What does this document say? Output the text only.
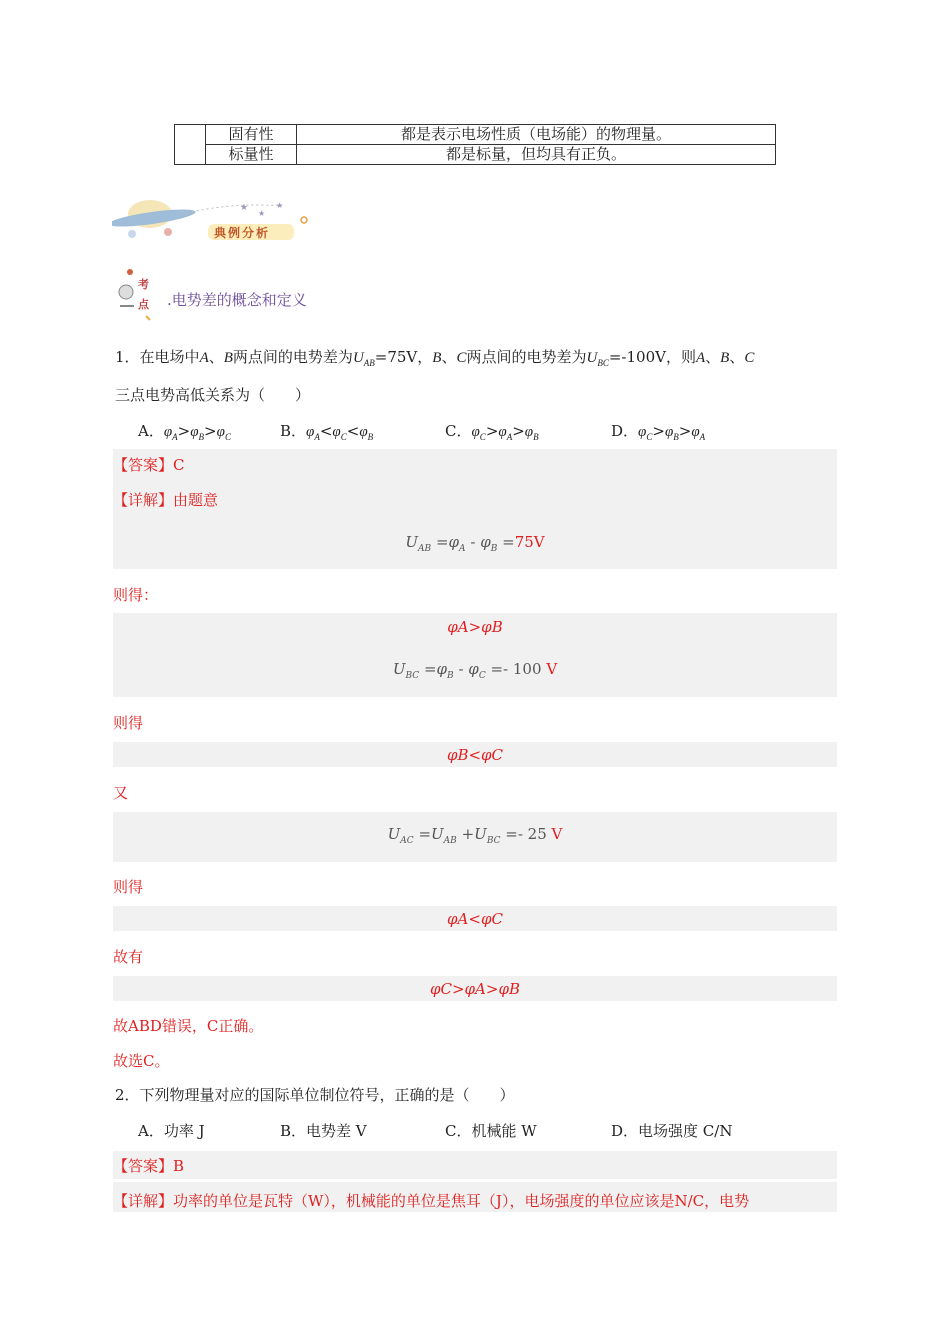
	固有性	都是表示电场性质（电场能）的物理量。
	标量性	都是标量，但均具有正负。
★
★
★
典例分析
考
点 .电势差的概念和定义
1．在电场中A、B两点间的电势差为$U_{AB}=75V$，B、C两点间的电势差为$U_{BC}=-100V$，则A、B、C
三点电势高低关系为（　　）
A．$\varphi_A>\varphi_B>\varphi_C$	B．$\varphi_A<\varphi_C<\varphi_B$	C．$\varphi_C>\varphi_A>\varphi_B$	D．$\varphi_C>\varphi_B>\varphi_A$
【答案】C
【详解】由题意
$U_{AB} =\varphi_A - \varphi_B =75V$
则得：
φA>φB
$U_{BC} =\varphi_B - \varphi_C =- 100$ V
则得
φB<φC
又
$U_{AC} =U_{AB} +U_{BC} =- 25$ V
则得
φA<φC
故有
φC>φA>φB
故ABD错误，C正确。
故选C。
2．下列物理量对应的国际单位制位符号，正确的是（　　）
A．功率 J	B．电势差 V	C．机械能 W	D．电场强度 C/N
【答案】B
【详解】功率的单位是瓦特（W），机械能的单位是焦耳（J），电场强度的单位应该是N/C，电势
